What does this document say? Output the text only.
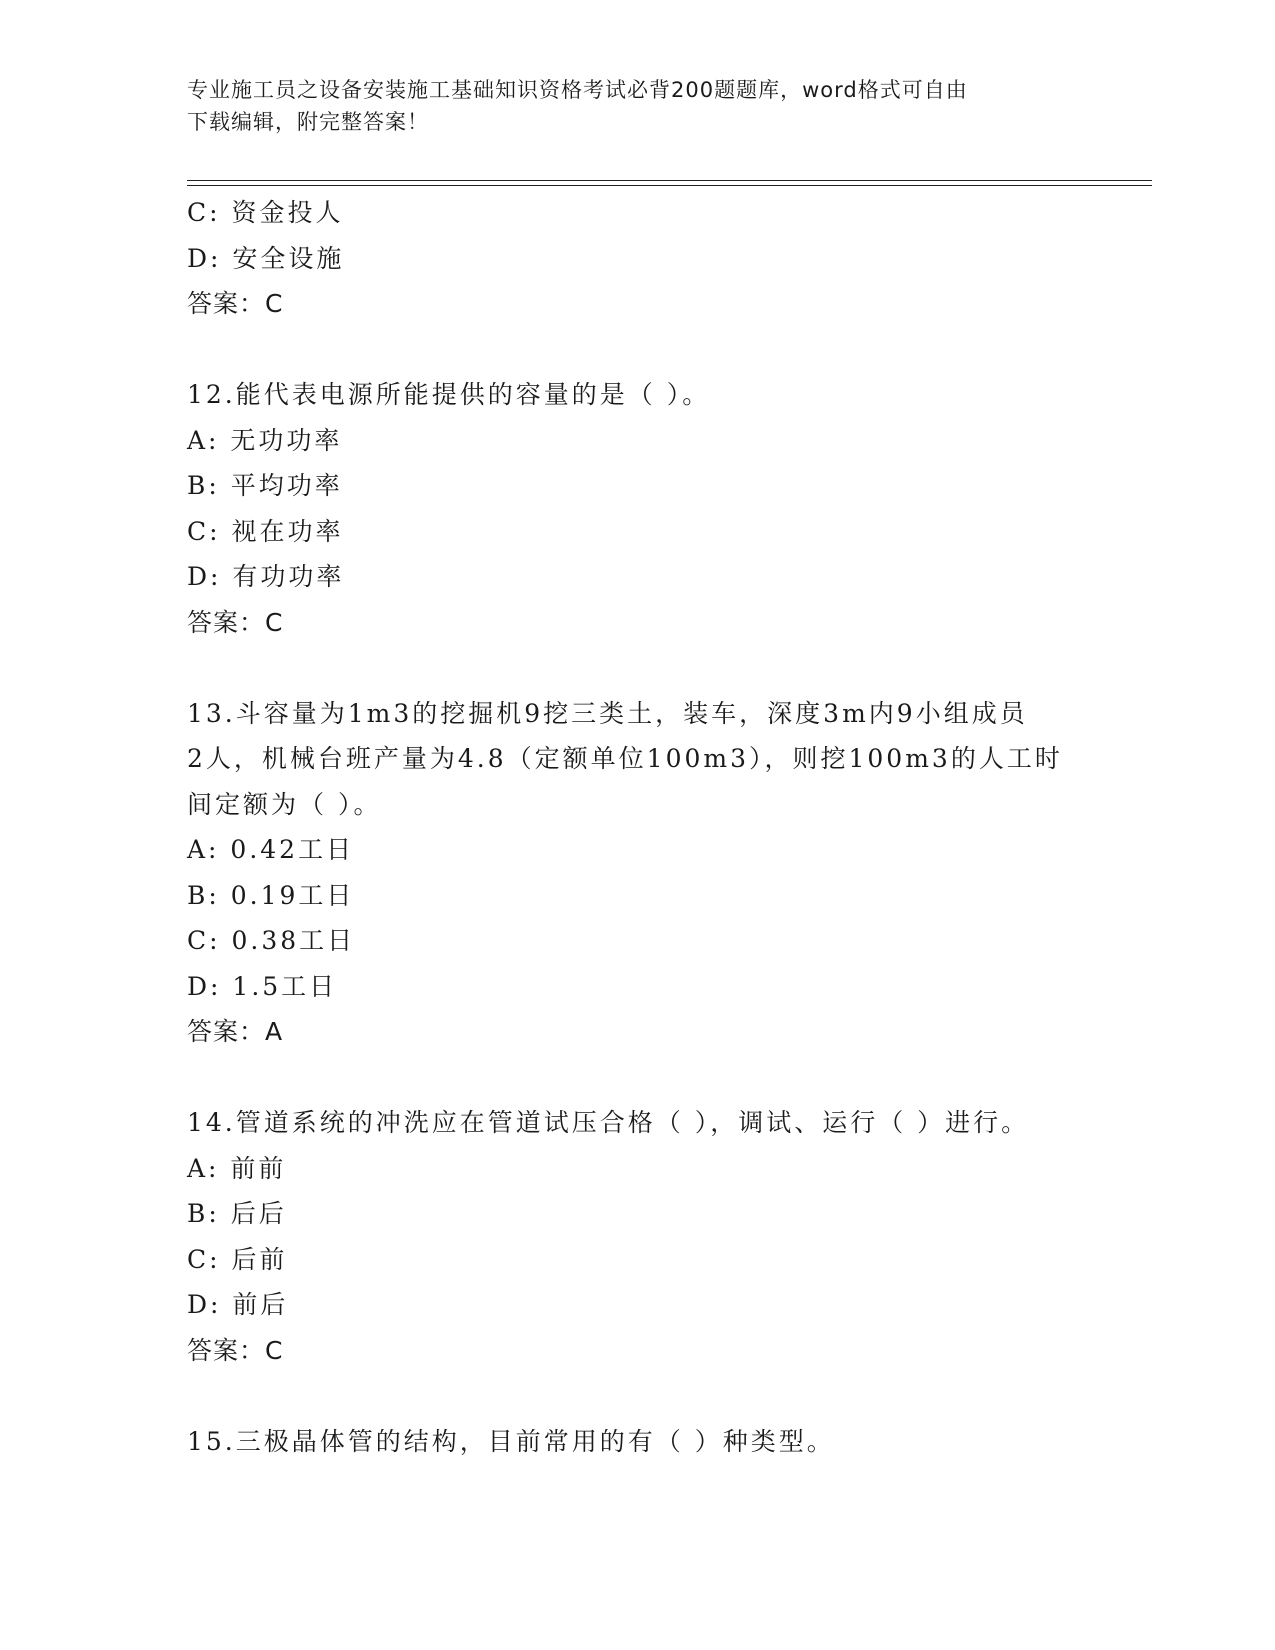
专业施工员之设备安装施工基础知识资格考试必背200题题库，word格式可自由
下载编辑，附完整答案！
C: 资金投人
D: 安全设施
答案：C
12.能代表电源所能提供的容量的是（ ）。
A: 无功功率
B: 平均功率
C: 视在功率
D: 有功功率
答案：C
13.斗容量为1m3的挖掘机9挖三类土，装车，深度3m内9小组成员
2人，机械台班产量为4.8（定额单位100m3），则挖100m3的人工时
间定额为（ ）。
A: 0.42工日
B: 0.19工日
C: 0.38工日
D: 1.5工日
答案：A
14.管道系统的冲洗应在管道试压合格（ ），调试、运行（ ）进行。
A: 前前
B: 后后
C: 后前
D: 前后
答案：C
15.三极晶体管的结构，目前常用的有（ ）种类型。
